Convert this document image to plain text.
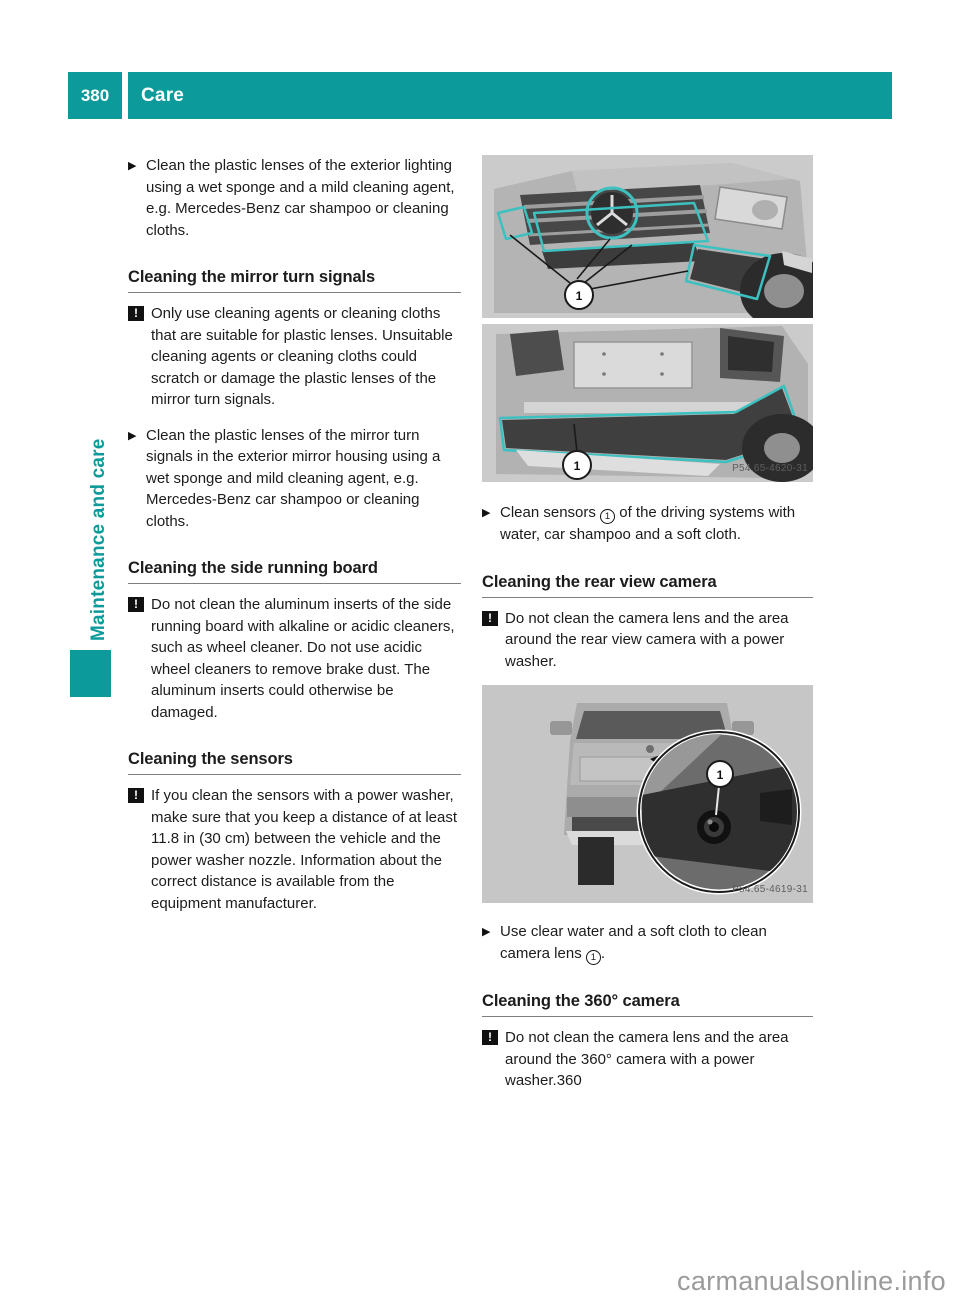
380	Care
Maintenance and care
▶ Clean the plastic lenses of the exterior lighting using a wet sponge and a mild cleaning agent, e.g. Mercedes-Benz car shampoo or cleaning cloths.
Cleaning the mirror turn signals
! Only use cleaning agents or cleaning cloths that are suitable for plastic lenses. Unsuitable cleaning agents or cleaning cloths could scratch or damage the plastic lenses of the mirror turn signals.
▶ Clean the plastic lenses of the mirror turn signals in the exterior mirror housing using a wet sponge and mild cleaning agent, e.g. Mercedes-Benz car shampoo or cleaning cloths.
Cleaning the side running board
! Do not clean the aluminum inserts of the side running board with alkaline or acidic cleaners, such as wheel cleaner. Do not use acidic wheel cleaners to remove brake dust. The aluminum inserts could otherwise be damaged.
Cleaning the sensors
! If you clean the sensors with a power washer, make sure that you keep a distance of at least 11.8 in (30 cm) between the vehicle and the power washer nozzle. Information about the correct distance is available from the equipment manufacturer.
1
1	P54.65-4620-31
▶ Clean sensors 1 of the driving systems with water, car shampoo and a soft cloth.
Cleaning the rear view camera
! Do not clean the camera lens and the area around the rear view camera with a power washer.
1
P54.65-4619-31
▶ Use clear water and a soft cloth to clean camera lens 1 .
Cleaning the 360° camera
! Do not clean the camera lens and the area around the 360° camera with a power washer.360
carmanualsonline.info
